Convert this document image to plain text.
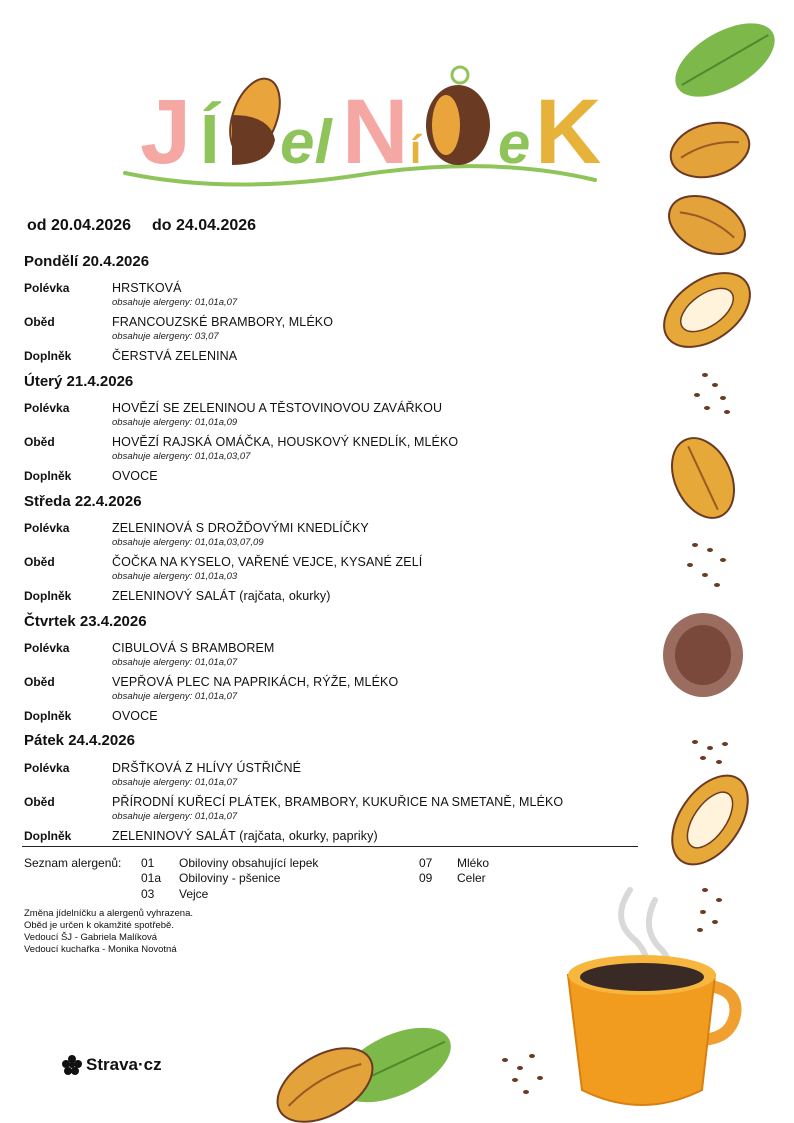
J Í el N í e K
od 20.04.2026 do 24.04.2026
Pondělí 20.4.2026
Polévka	HRSTKOVÁ
obsahuje alergeny: 01,01a,07
Oběd	FRANCOUZSKÉ BRAMBORY, MLÉKO
obsahuje alergeny: 03,07
Doplněk	ČERSTVÁ ZELENINA
Úterý 21.4.2026
Polévka	HOVĚZÍ SE ZELENINOU A TĚSTOVINOVOU ZAVÁŘKOU
obsahuje alergeny: 01,01a,09
Oběd	HOVĚZÍ RAJSKÁ OMÁČKA, HOUSKOVÝ KNEDLÍK, MLÉKO
obsahuje alergeny: 01,01a,03,07
Doplněk	OVOCE
Středa 22.4.2026
Polévka	ZELENINOVÁ S DROŽĎOVÝMI KNEDLÍČKY
obsahuje alergeny: 01,01a,03,07,09
Oběd	ČOČKA NA KYSELO, VAŘENÉ VEJCE, KYSANÉ ZELÍ
obsahuje alergeny: 01,01a,03
Doplněk	ZELENINOVÝ SALÁT (rajčata, okurky)
Čtvrtek 23.4.2026
Polévka	CIBULOVÁ S BRAMBOREM
obsahuje alergeny: 01,01a,07
Oběd	VEPŘOVÁ PLEC NA PAPRIKÁCH, RÝŽE, MLÉKO
obsahuje alergeny: 01,01a,07
Doplněk	OVOCE
Pátek 24.4.2026
Polévka	DRŠŤKOVÁ Z HLÍVY ÚSTŘIČNÉ
obsahuje alergeny: 01,01a,07
Oběd	PŘÍRODNÍ KUŘECÍ PLÁTEK, BRAMBORY, KUKUŘICE NA SMETANĚ, MLÉKO
obsahuje alergeny: 01,01a,07
Doplněk	ZELENINOVÝ SALÁT (rajčata, okurky, papriky)
Seznam alergenů: 01 Obiloviny obsahující lepek
01a Obiloviny - pšenice
03 Vejce
07 Mléko
09 Celer
Změna jídelníčku a alergenů vyhrazena.
Oběd je určen k okamžité spotřebě.
Vedoucí ŠJ - Gabriela Malíková
Vedoucí kuchařka - Monika Novotná
Strava·cz
